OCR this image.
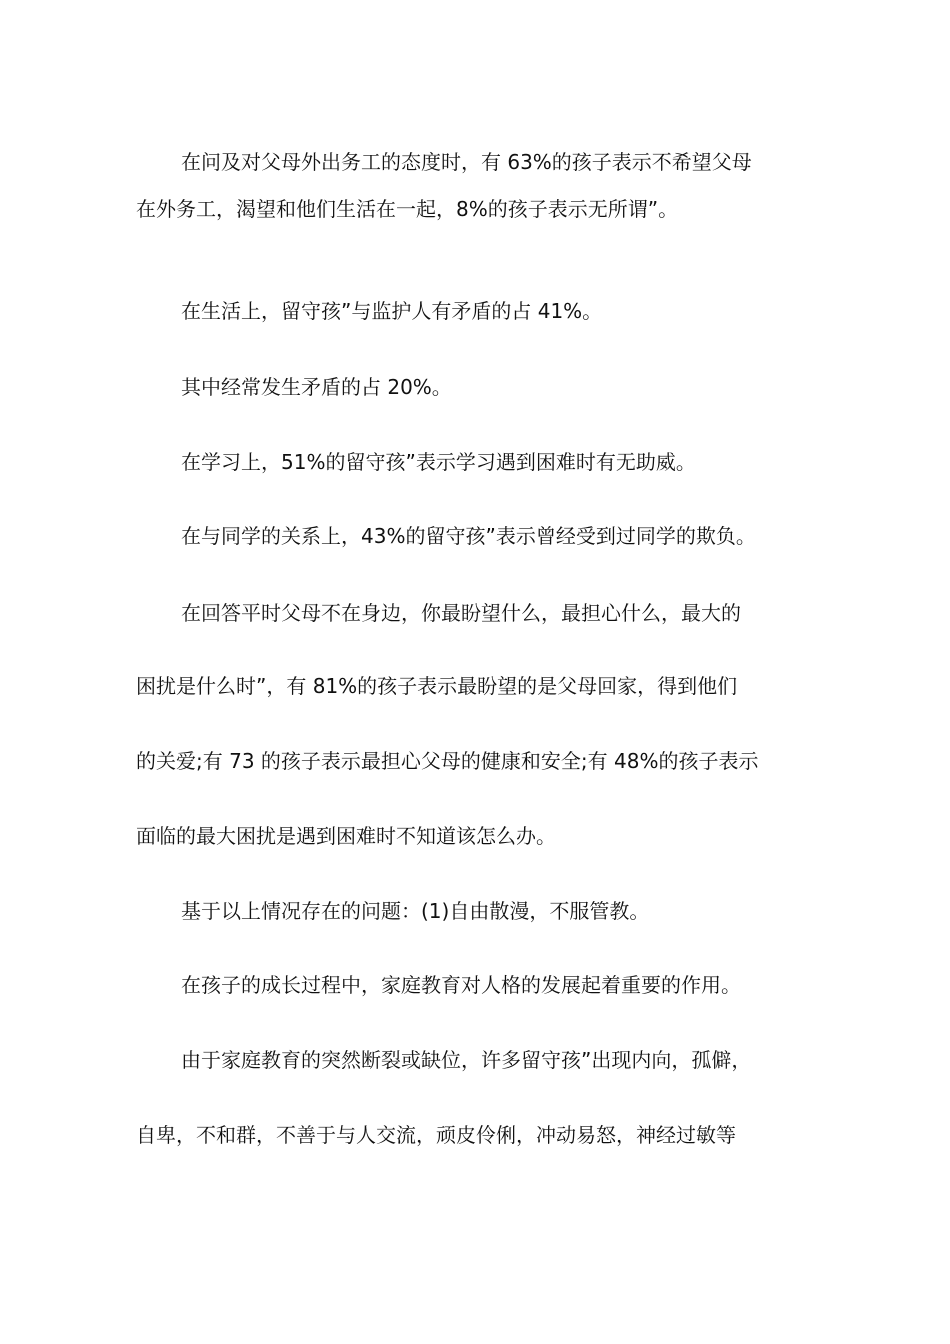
在问及对父母外出务工的态度时，有 63%的孩子表示不希望父母

在外务工，渴望和他们生活在一起，8%的孩子表示无所谓”。

在生活上，留守孩”与监护人有矛盾的占 41%。

其中经常发生矛盾的占 20%。

在学习上，51%的留守孩”表示学习遇到困难时有无助威。

在与同学的关系上，43%的留守孩”表示曾经受到过同学的欺负。

在回答平时父母不在身边，你最盼望什么，最担心什么，最大的

困扰是什么时”，有 81%的孩子表示最盼望的是父母回家，得到他们

的关爱;有 73 的孩子表示最担心父母的健康和安全;有 48%的孩子表示

面临的最大困扰是遇到困难时不知道该怎么办。

基于以上情况存在的问题：(1)自由散漫，不服管教。

在孩子的成长过程中，家庭教育对人格的发展起着重要的作用。

由于家庭教育的突然断裂或缺位，许多留守孩”出现内向，孤僻，

自卑，不和群，不善于与人交流，顽皮伶俐，冲动易怒，神经过敏等
